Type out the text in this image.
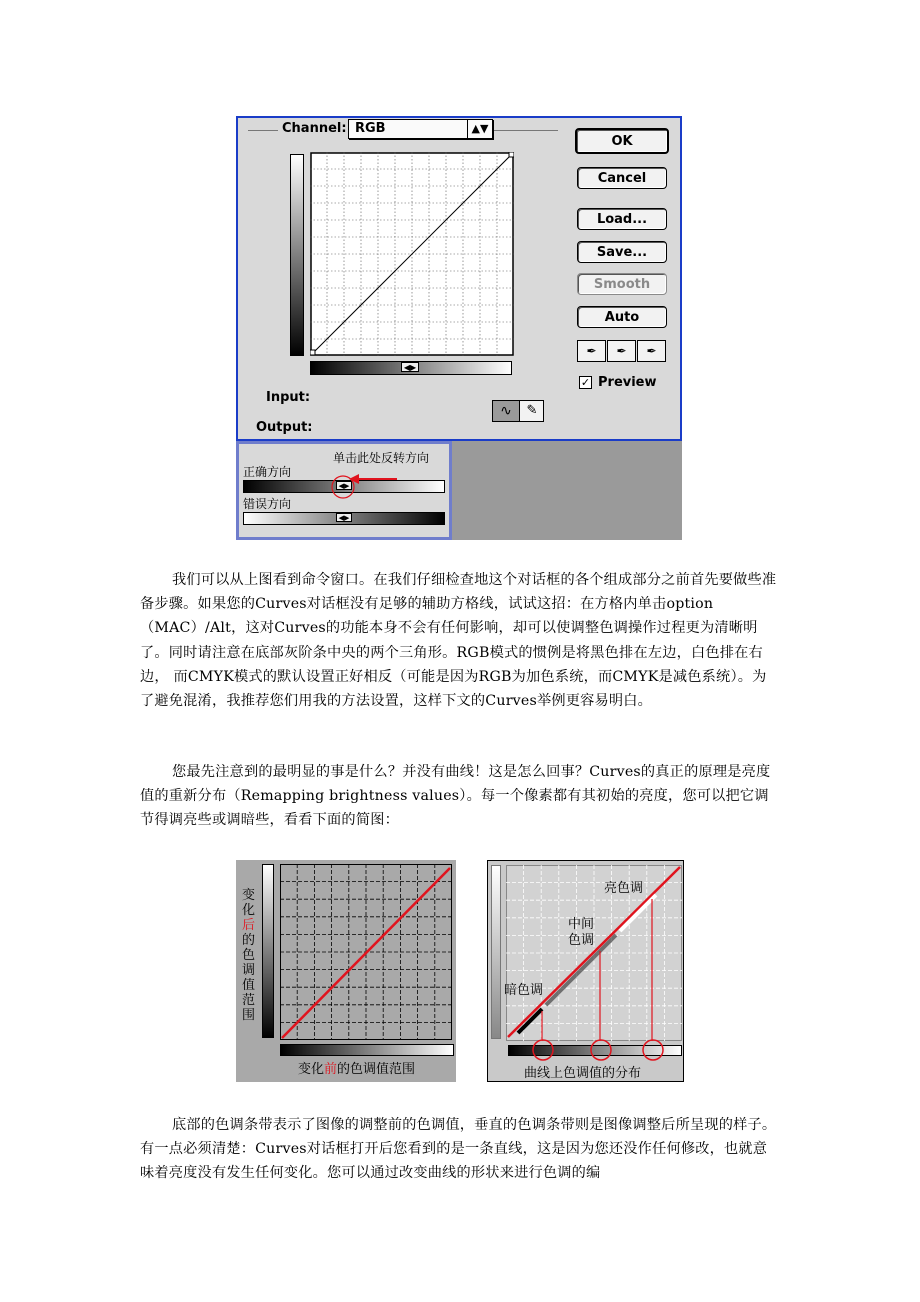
Channel: RGB	▲▼
◀▶
Input:
Output:
∿	✎
OK
Cancel
Load...
Save...
Smooth
Auto
✒	✒	✒
✓ Preview
单击此处反转方向
正确方向
◀▶
错误方向
◀▶
我们可以从上图看到命令窗口。在我们仔细检查地这个对话框的各个组成部分之前首先要做些准备步骤。如果您的Curves对话框没有足够的辅助方格线，试试这招：在方格内单击option（MAC）/Alt，这对Curves的功能本身不会有任何影响，却可以使调整色调操作过程更为清晰明了。同时请注意在底部灰阶条中央的两个三角形。RGB模式的惯例是将黑色排在左边，白色排在右边， 而CMYK模式的默认设置正好相反（可能是因为RGB为加色系统，而CMYK是减色系统）。为了避免混淆，我推荐您们用我的方法设置，这样下文的Curves举例更容易明白。
您最先注意到的最明显的事是什么？并没有曲线！这是怎么回事？Curves的真正的原理是亮度值的重新分布（Remapping brightness values）。每一个像素都有其初始的亮度，您可以把它调节得调亮些或调暗些，看看下面的简图：
变化后的色调值范围
变化前的色调值范围
亮色调
中间
色调
暗色调
曲线上色调值的分布
底部的色调条带表示了图像的调整前的色调值，垂直的色调条带则是图像调整后所呈现的样子。有一点必须清楚：Curves对话框打开后您看到的是一条直线，这是因为您还没作任何修改，也就意味着亮度没有发生任何变化。您可以通过改变曲线的形状来进行色调的编
